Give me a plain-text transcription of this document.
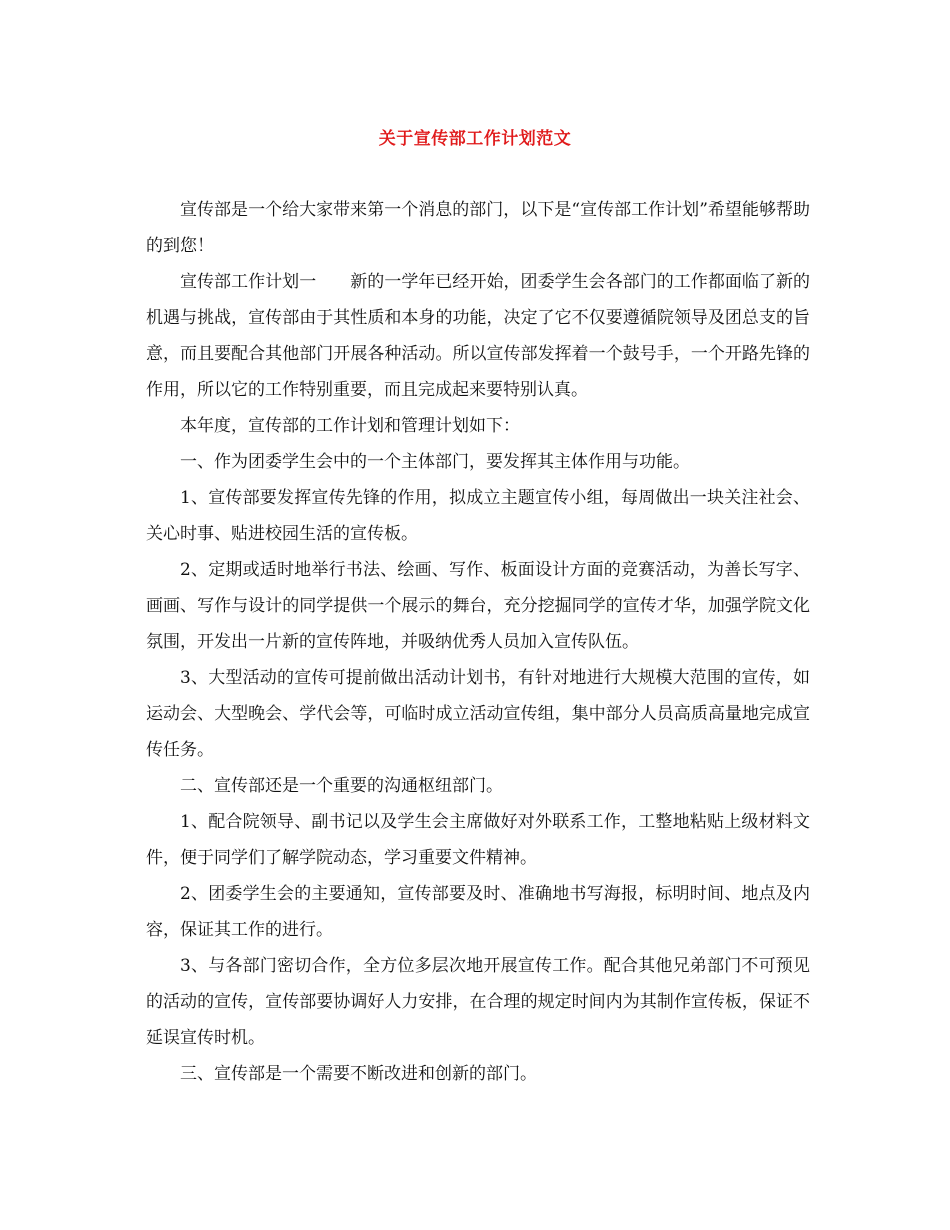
关于宣传部工作计划范文

宣传部是一个给大家带来第一个消息的部门，以下是“宣传部工作计划”希望能够帮助的到您！

宣传部工作计划一 新的一学年已经开始，团委学生会各部门的工作都面临了新的机遇与挑战，宣传部由于其性质和本身的功能，决定了它不仅要遵循院领导及团总支的旨意，而且要配合其他部门开展各种活动。所以宣传部发挥着一个鼓号手，一个开路先锋的作用，所以它的工作特别重要，而且完成起来要特别认真。

本年度，宣传部的工作计划和管理计划如下：

一、作为团委学生会中的一个主体部门，要发挥其主体作用与功能。

1、宣传部要发挥宣传先锋的作用，拟成立主题宣传小组，每周做出一块关注社会、关心时事、贴进校园生活的宣传板。

2、定期或适时地举行书法、绘画、写作、板面设计方面的竞赛活动，为善长写字、画画、写作与设计的同学提供一个展示的舞台，充分挖掘同学的宣传才华，加强学院文化氛围，开发出一片新的宣传阵地，并吸纳优秀人员加入宣传队伍。

3、大型活动的宣传可提前做出活动计划书，有针对地进行大规模大范围的宣传，如运动会、大型晚会、学代会等，可临时成立活动宣传组，集中部分人员高质高量地完成宣传任务。

二、宣传部还是一个重要的沟通枢纽部门。

1、配合院领导、副书记以及学生会主席做好对外联系工作，工整地粘贴上级材料文件，便于同学们了解学院动态，学习重要文件精神。

2、团委学生会的主要通知，宣传部要及时、准确地书写海报，标明时间、地点及内容，保证其工作的进行。

3、与各部门密切合作，全方位多层次地开展宣传工作。配合其他兄弟部门不可预见的活动的宣传，宣传部要协调好人力安排，在合理的规定时间内为其制作宣传板，保证不延误宣传时机。

三、宣传部是一个需要不断改进和创新的部门。
